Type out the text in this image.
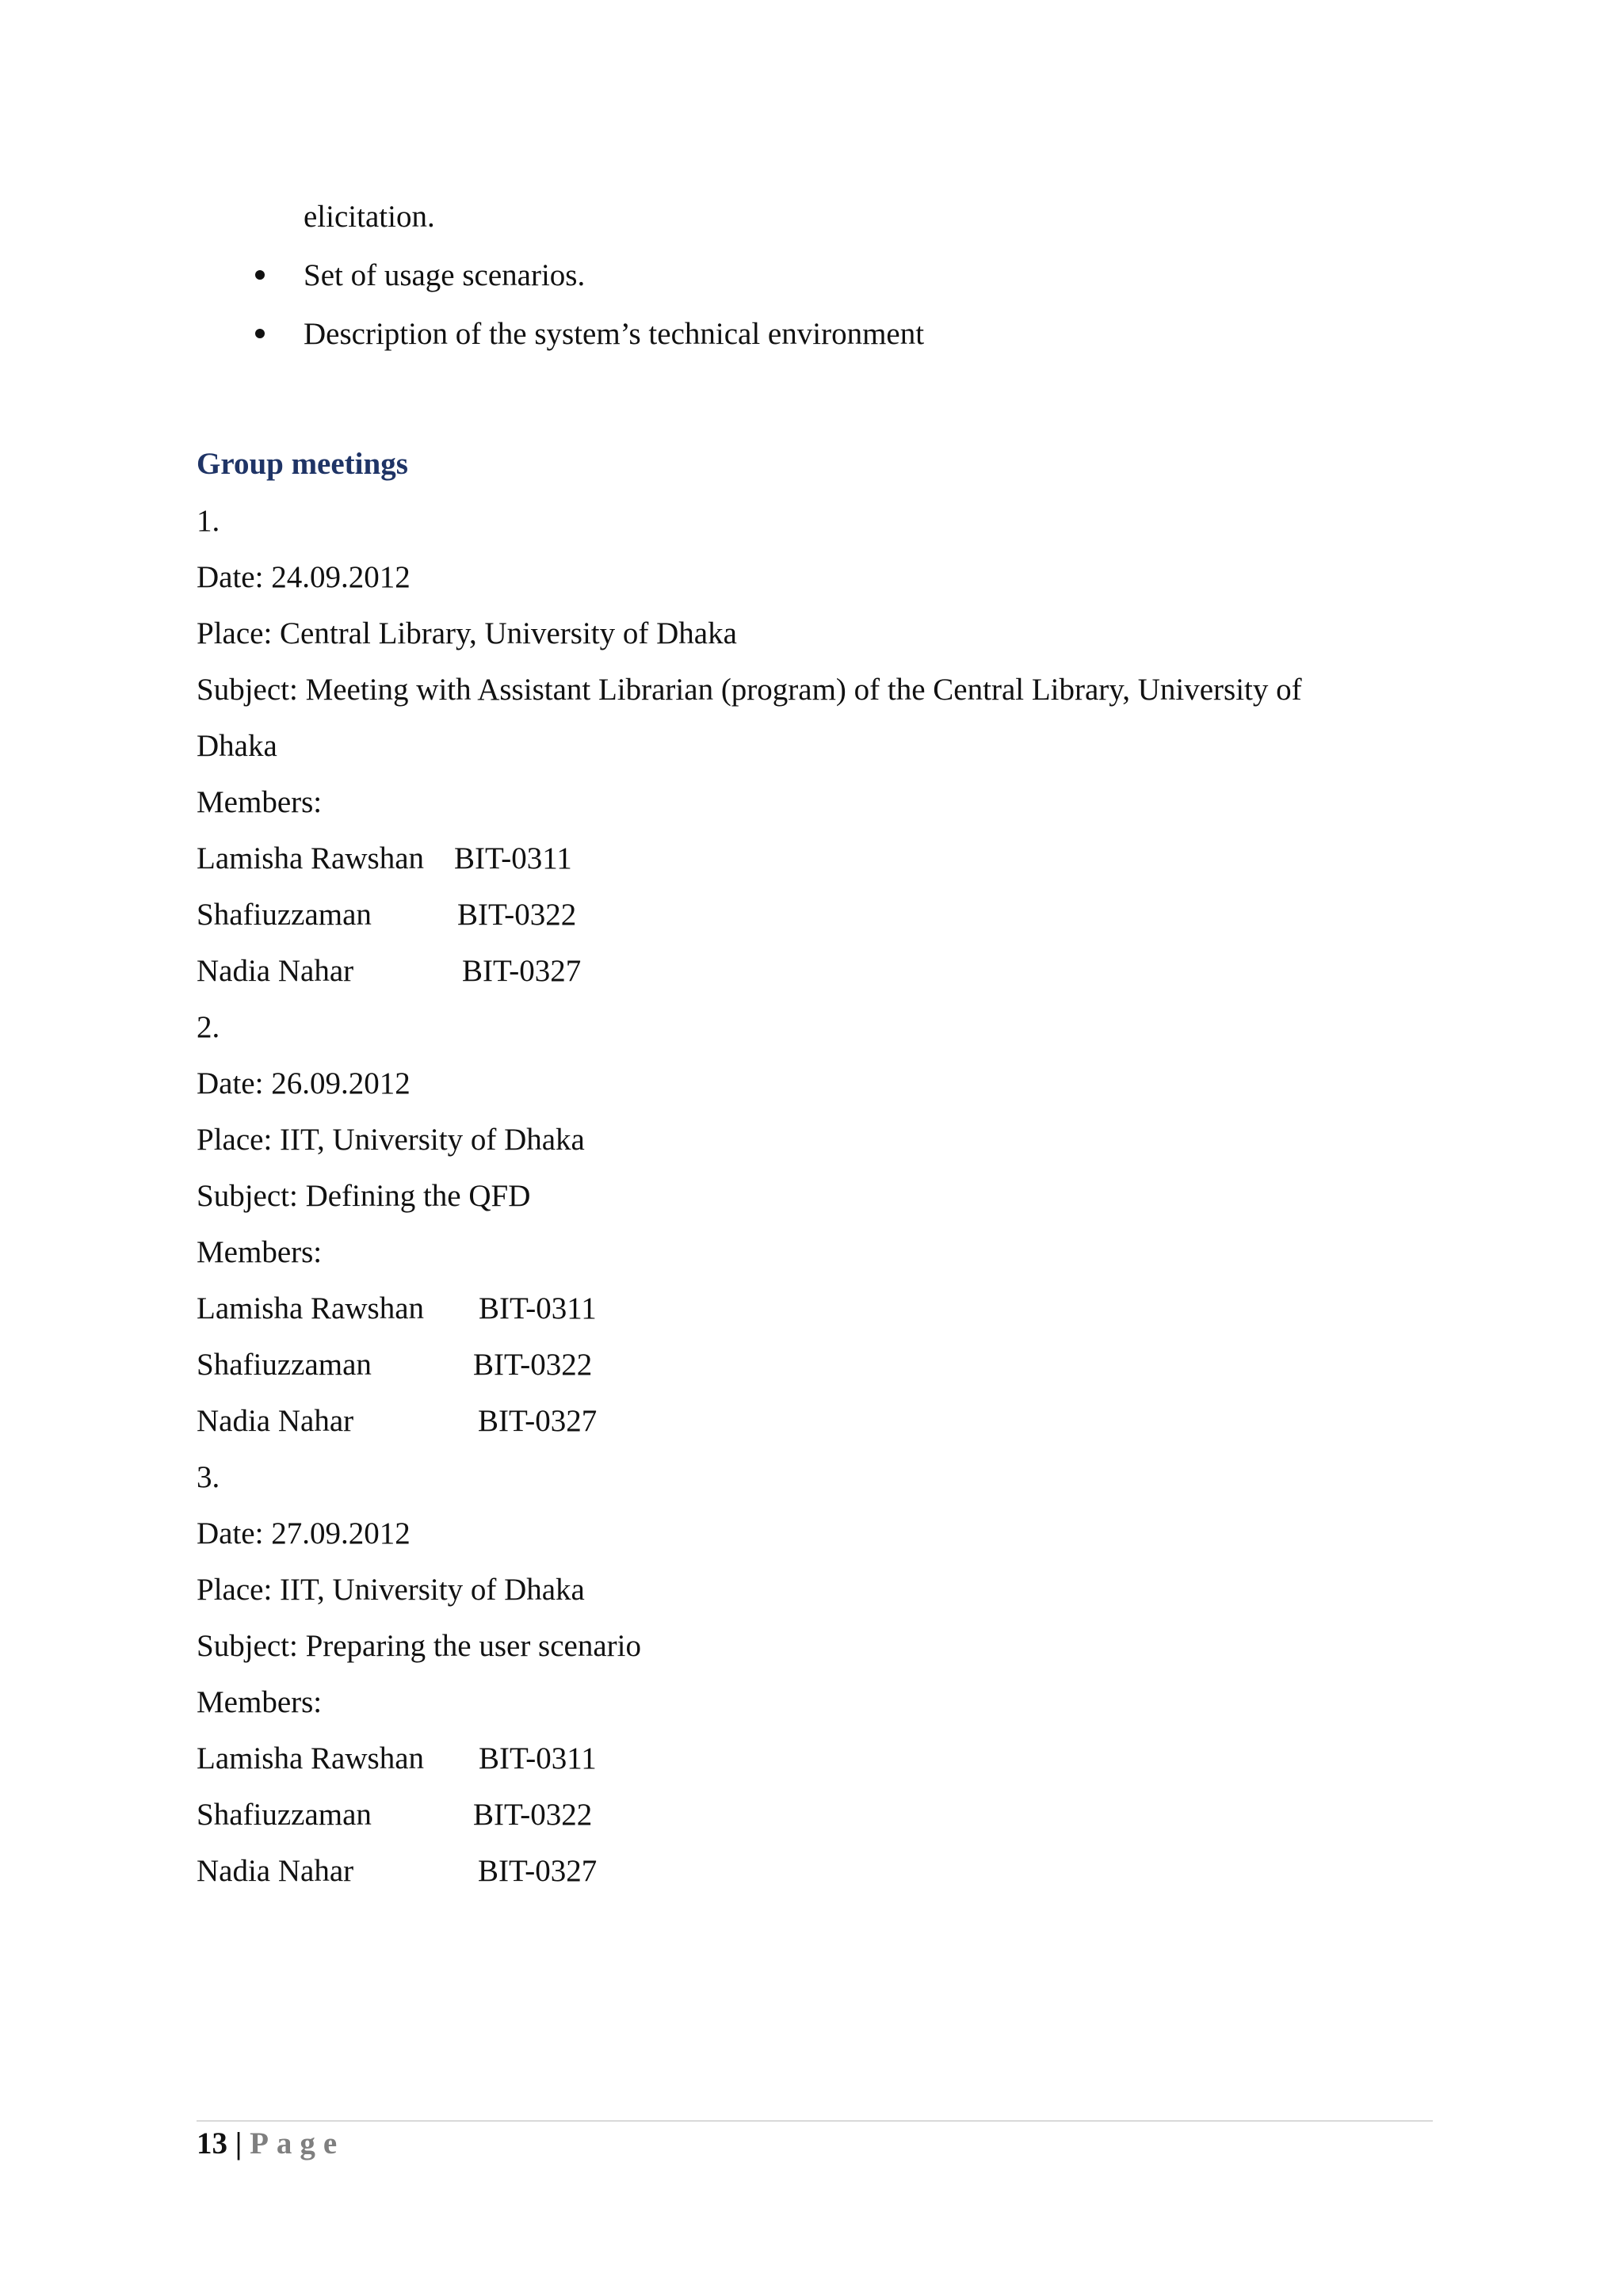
elicitation.
Set of usage scenarios.
Description of the system’s technical environment
Group meetings
1.
Date: 24.09.2012
Place: Central Library, University of Dhaka
Subject: Meeting with Assistant Librarian (program) of the Central Library, University of
Dhaka
Members:
Lamisha Rawshan BIT-0311
Shafiuzzaman	BIT-0322
Nadia Nahar	BIT-0327
2.
Date: 26.09.2012
Place: IIT, University of Dhaka
Subject: Defining the QFD
Members:
Lamisha Rawshan BIT-0311
Shafiuzzaman	BIT-0322
Nadia Nahar	BIT-0327
3.
Date: 27.09.2012
Place: IIT, University of Dhaka
Subject: Preparing the user scenario
Members:
Lamisha Rawshan BIT-0311
Shafiuzzaman	BIT-0322
Nadia Nahar	BIT-0327
13 | Page
